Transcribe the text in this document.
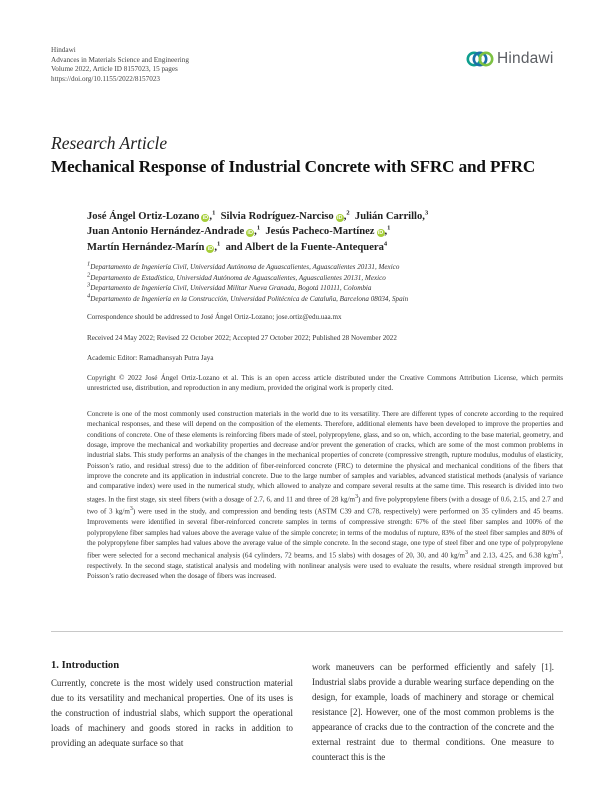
Hindawi
Advances in Materials Science and Engineering
Volume 2022, Article ID 8157023, 15 pages
https://doi.org/10.1155/2022/8157023
Hindawi
Research Article
Mechanical Response of Industrial Concrete with SFRC and PFRC
José Ángel Ortiz-Lozano iD,$^1$ Silvia Rodríguez-Narciso iD,$^2$ Julián Carrillo,$^3$
Juan Antonio Hernández-Andrade iD,$^1$ Jesús Pacheco-Martínez iD,$^1$
Martín Hernández-Marín iD,$^1$ and Albert de la Fuente-Antequera$^4$
$^1$Departamento de Ingeniería Civil, Universidad Autónoma de Aguascalientes, Aguascalientes 20131, Mexico
$^2$Departamento de Estadística, Universidad Autónoma de Aguascalientes, Aguascalientes 20131, Mexico
$^3$Departamento de Ingeniería Civil, Universidad Militar Nueva Granada, Bogotá 110111, Colombia
$^4$Departamento de Ingeniería en la Construcción, Universidad Politécnica de Cataluña, Barcelona 08034, Spain
Correspondence should be addressed to José Ángel Ortiz-Lozano; jose.ortiz@edu.uaa.mx
Received 24 May 2022; Revised 22 October 2022; Accepted 27 October 2022; Published 28 November 2022
Academic Editor: Ramadhansyah Putra Jaya
Copyright © 2022 José Ángel Ortiz-Lozano et al. This is an open access article distributed under the Creative Commons Attribution License, which permits unrestricted use, distribution, and reproduction in any medium, provided the original work is properly cited.
Concrete is one of the most commonly used construction materials in the world due to its versatility. There are different types of concrete according to the required mechanical responses, and these will depend on the composition of the elements. Therefore, additional elements have been developed to improve the properties and conditions of concrete. One of these elements is reinforcing fibers made of steel, polypropylene, glass, and so on, which, according to the base material, geometry, and dosage, improve the mechanical and workability properties and decrease and/or prevent the generation of cracks, which are some of the most common problems in industrial slabs. This study performs an analysis of the changes in the mechanical properties of concrete (compressive strength, rupture modulus, modulus of elasticity, Poisson’s ratio, and residual stress) due to the addition of fiber-reinforced concrete (FRC) to determine the physical and mechanical conditions of the fibers that improve the concrete and its application in industrial concrete. Due to the large number of samples and variables, advanced statistical methods (analysis of variance and comparative index) were used in the numerical study, which allowed to analyze and compare several results at the same time. This research is divided into two stages. In the first stage, six steel fibers (with a dosage of 2.7, 6, and 11 and three of 28 $kg/m^3$) and five polypropylene fibers (with a dosage of 0.6, 2.15, and 2.7 and two of 3 $kg/m^3$) were used in the study, and compression and bending tests (ASTM C39 and C78, respectively) were performed on 35 cylinders and 45 beams. Improvements were identified in several fiber-reinforced concrete samples in terms of compressive strength: 67% of the steel fiber samples and 100% of the polypropylene fiber samples had values above the average value of the simple concrete; in terms of the modulus of rupture, 83% of the steel fiber samples and 80% of the polypropylene fiber samples had values above the average value of the simple concrete. In the second stage, one type of steel fiber and one type of polypropylene fiber were selected for a second mechanical analysis (64 cylinders, 72 beams, and 15 slabs) with dosages of 20, 30, and 40 $kg/m^3$ and 2.13, 4.25, and 6.38 $kg/m^3$, respectively. In the second stage, statistical analysis and modeling with nonlinear analysis were used to evaluate the results, where residual strength improved but Poisson’s ratio decreased when the dosage of fibers was increased.
1. Introduction
Currently, concrete is the most widely used construction material due to its versatility and mechanical properties. One of its uses is the construction of industrial slabs, which support the operational loads of machinery and goods stored in racks in addition to providing an adequate surface so that
work maneuvers can be performed efficiently and safely [1]. Industrial slabs provide a durable wearing surface depending on the design, for example, loads of machinery and storage or chemical resistance [2]. However, one of the most common problems is the appearance of cracks due to the contraction of the concrete and the external restraint due to thermal conditions. One measure to counteract this is the
